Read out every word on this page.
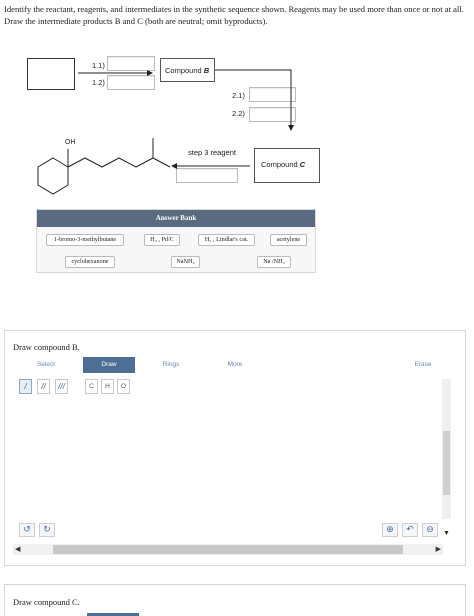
Identify the reactant, reagents, and intermediates in the synthetic sequence shown. Reagents may be used more than once or not at all. Draw the intermediate products B and C (both are neutral; omit byproducts).
1.1)
1.2)
Compound B
2.1)
2.2)
Compound C
step 3 reagent
OH
Answer Bank
1-bromo-3-methylbutane	H₂ , Pd/C	H₂ , Lindlar's cat.	acetylene
cyclohexanone	NaNH₂	Na /NH₃
Draw compound B.
Select	Draw	Rings	More	Erase
/	//	///	C	H	O
↺	↻	⊕	↶	⊖
◀	▶
▼
Draw compound C.
